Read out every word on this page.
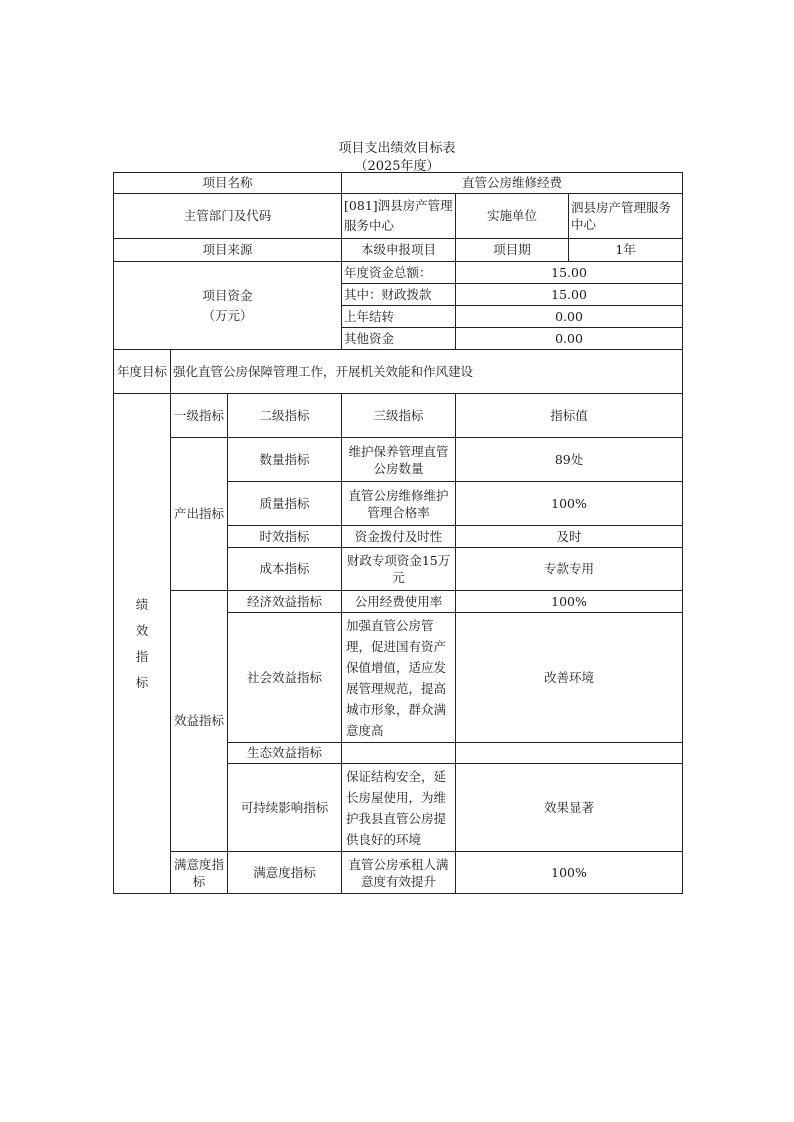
项目支出绩效目标表
（2025年度）
项目名称			直管公房维修经费		
主管部门及代码			[081]泗县房产管理服务中心	实施单位	泗县房产管理服务中心
项目来源			本级申报项目	项目期	1年

项目资金
（万元）			年度资金总额：	15.00	
			其中：财政拨款	15.00	
			上年结转	0.00	
			其他资金	0.00	
年度目标	强化直管公房保障管理工作，开展机关效能和作风建设				

绩效指标	一级指标	二级指标	三级指标	指标值	
	产出指标	数量指标	维护保养管理直管公房数量	89处	
		质量指标	直管公房维修维护管理合格率	100%	
		时效指标	资金拨付及时性	及时	
		成本指标	财政专项资金15万元	专款专用	
	效益指标	经济效益指标	公用经费使用率	100%	
		社会效益指标	加强直管公房管理，促进国有资产保值增值，适应发展管理规范，提高城市形象，群众满意度高	改善环境	
		生态效益指标			
		可持续影响指标	保证结构安全，延长房屋使用，为维护我县直管公房提供良好的环境	效果显著	
	满意度指标	满意度指标	直管公房承租人满意度有效提升	100%	
